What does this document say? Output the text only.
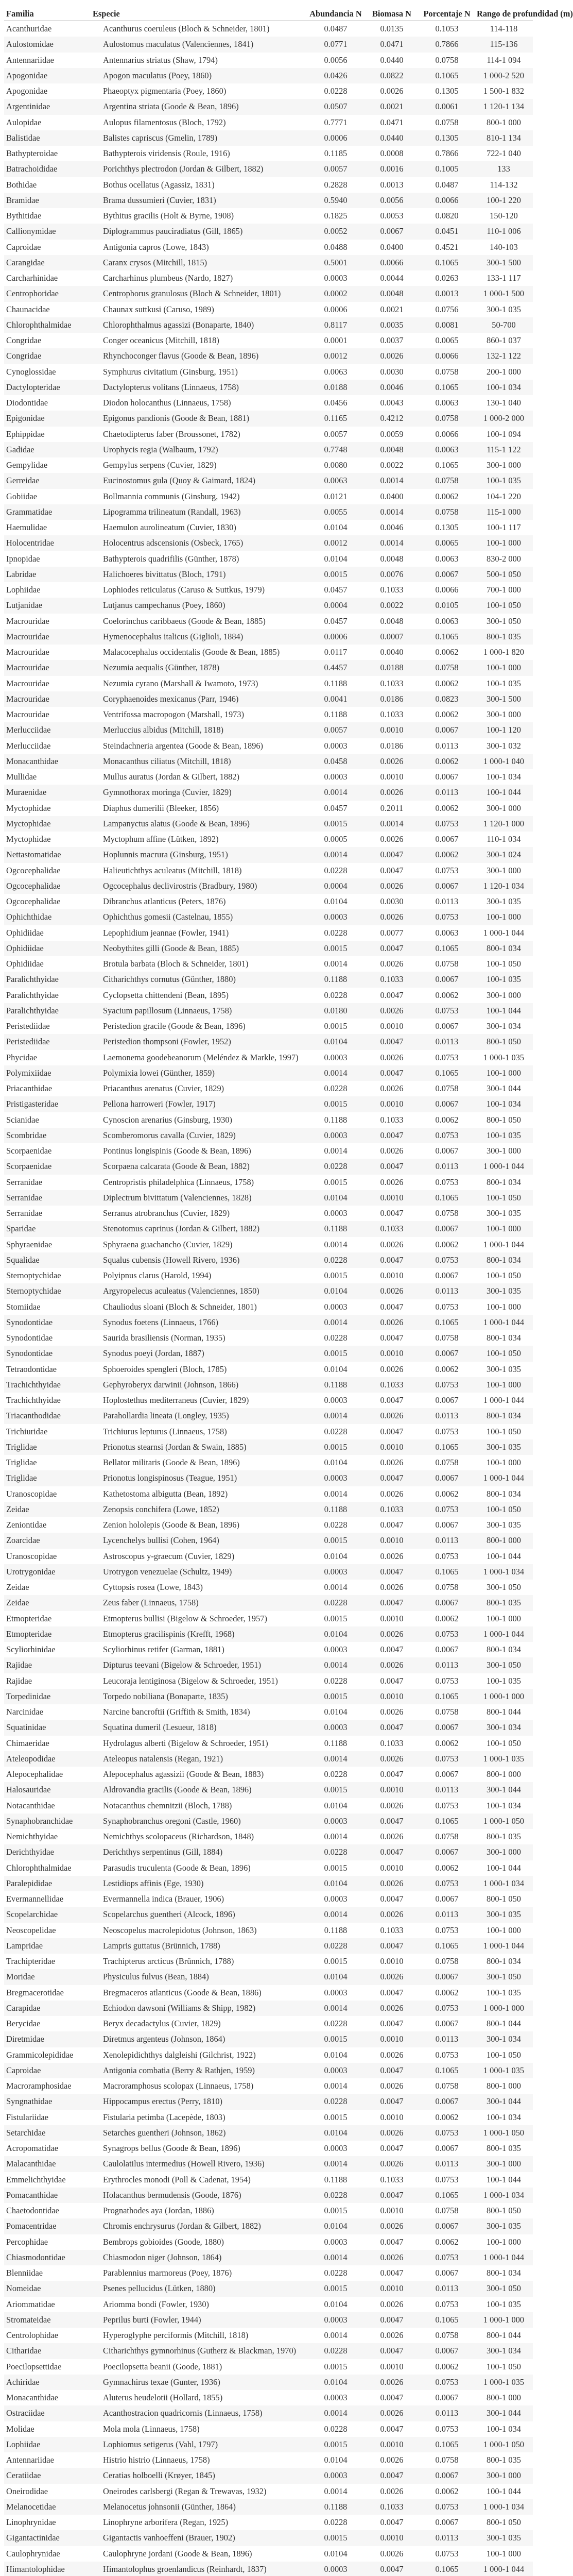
Familia	Especie	Abundancia N	Biomasa N	Porcentaje N	Rango de profundidad (m)
Acanthuridae	Acanthurus coeruleus (Bloch & Schneider, 1801)	0.0487	0.0135	0.1053	114-118
Aulostomidae	Aulostomus maculatus (Valenciennes, 1841)	0.0771	0.0471	0.7866	115-136
Antennariidae	Antennarius striatus (Shaw, 1794)	0.0056	0.0440	0.0758	114-1 094
Apogonidae	Apogon maculatus (Poey, 1860)	0.0426	0.0822	0.1065	1 000-2 520
Apogonidae	Phaeoptyx pigmentaria (Poey, 1860)	0.0228	0.0026	0.1305	1 500-1 832
Argentinidae	Argentina striata (Goode & Bean, 1896)	0.0507	0.0021	0.0061	1 120-1 134
Aulopidae	Aulopus filamentosus (Bloch, 1792)	0.7771	0.0471	0.0758	800-1 000
Balistidae	Balistes capriscus (Gmelin, 1789)	0.0006	0.0440	0.1305	810-1 134
Bathypteroidae	Bathypterois viridensis (Roule, 1916)	0.1185	0.0008	0.7866	722-1 040
Batrachoididae	Porichthys plectrodon (Jordan & Gilbert, 1882)	0.0057	0.0016	0.1005	133
Bothidae	Bothus ocellatus (Agassiz, 1831)	0.2828	0.0013	0.0487	114-132
Bramidae	Brama dussumieri (Cuvier, 1831)	0.5940	0.0056	0.0066	100-1 220
Bythitidae	Bythitus gracilis (Holt & Byrne, 1908)	0.1825	0.0053	0.0820	150-120
Callionymidae	Diplogrammus pauciradiatus (Gill, 1865)	0.0052	0.0067	0.0451	110-1 006
Caproidae	Antigonia capros (Lowe, 1843)	0.0488	0.0400	0.4521	140-103
Carangidae	Caranx crysos (Mitchill, 1815)	0.5001	0.0066	0.1065	300-1 500
Carcharhinidae	Carcharhinus plumbeus (Nardo, 1827)	0.0003	0.0044	0.0263	133-1 117
Centrophoridae	Centrophorus granulosus (Bloch & Schneider, 1801)	0.0002	0.0048	0.0013	1 000-1 500
Chaunacidae	Chaunax suttkusi (Caruso, 1989)	0.0006	0.0021	0.0756	300-1 035
Chlorophthalmidae	Chlorophthalmus agassizi (Bonaparte, 1840)	0.8117	0.0035	0.0081	50-700
Congridae	Conger oceanicus (Mitchill, 1818)	0.0001	0.0037	0.0065	860-1 037
Congridae	Rhynchoconger flavus (Goode & Bean, 1896)	0.0012	0.0026	0.0066	132-1 122
Cynoglossidae	Symphurus civitatium (Ginsburg, 1951)	0.0063	0.0030	0.0758	200-1 000
Dactylopteridae	Dactylopterus volitans (Linnaeus, 1758)	0.0188	0.0046	0.1065	100-1 034
Diodontidae	Diodon holocanthus (Linnaeus, 1758)	0.0456	0.0043	0.0063	130-1 040
Epigonidae	Epigonus pandionis (Goode & Bean, 1881)	0.1165	0.4212	0.0758	1 000-2 000
Ephippidae	Chaetodipterus faber (Broussonet, 1782)	0.0057	0.0059	0.0066	100-1 094
Gadidae	Urophycis regia (Walbaum, 1792)	0.7748	0.0048	0.0063	115-1 122
Gempylidae	Gempylus serpens (Cuvier, 1829)	0.0080	0.0022	0.1065	300-1 000
Gerreidae	Eucinostomus gula (Quoy & Gaimard, 1824)	0.0063	0.0014	0.0758	100-1 035
Gobiidae	Bollmannia communis (Ginsburg, 1942)	0.0121	0.0400	0.0062	104-1 220
Grammatidae	Lipogramma trilineatum (Randall, 1963)	0.0055	0.0014	0.0758	115-1 000
Haemulidae	Haemulon aurolineatum (Cuvier, 1830)	0.0104	0.0046	0.1305	100-1 117
Holocentridae	Holocentrus adscensionis (Osbeck, 1765)	0.0012	0.0014	0.0065	100-1 000
Ipnopidae	Bathypterois quadrifilis (Günther, 1878)	0.0104	0.0048	0.0063	830-2 000
Labridae	Halichoeres bivittatus (Bloch, 1791)	0.0015	0.0076	0.0067	500-1 050
Lophiidae	Lophiodes reticulatus (Caruso & Suttkus, 1979)	0.0457	0.1033	0.0066	700-1 000
Lutjanidae	Lutjanus campechanus (Poey, 1860)	0.0004	0.0022	0.0105	100-1 050
Macrouridae	Coelorinchus caribbaeus (Goode & Bean, 1885)	0.0457	0.0048	0.0063	300-1 050
Macrouridae	Hymenocephalus italicus (Giglioli, 1884)	0.0006	0.0007	0.1065	800-1 035
Macrouridae	Malacocephalus occidentalis (Goode & Bean, 1885)	0.0117	0.0040	0.0062	1 000-1 820
Macrouridae	Nezumia aequalis (Günther, 1878)	0.4457	0.0188	0.0758	100-1 000
Macrouridae	Nezumia cyrano (Marshall & Iwamoto, 1973)	0.1188	0.1033	0.0062	100-1 035
Macrouridae	Coryphaenoides mexicanus (Parr, 1946)	0.0041	0.0186	0.0823	300-1 500
Macrouridae	Ventrifossa macropogon (Marshall, 1973)	0.1188	0.1033	0.0062	300-1 000
Merlucciidae	Merluccius albidus (Mitchill, 1818)	0.0057	0.0010	0.0067	100-1 120
Merlucciidae	Steindachneria argentea (Goode & Bean, 1896)	0.0003	0.0186	0.0113	300-1 032
Monacanthidae	Monacanthus ciliatus (Mitchill, 1818)	0.0458	0.0026	0.0062	1 000-1 040
Mullidae	Mullus auratus (Jordan & Gilbert, 1882)	0.0003	0.0010	0.0067	100-1 034
Muraenidae	Gymnothorax moringa (Cuvier, 1829)	0.0014	0.0026	0.0113	100-1 044
Myctophidae	Diaphus dumerilii (Bleeker, 1856)	0.0457	0.2011	0.0062	300-1 000
Myctophidae	Lampanyctus alatus (Goode & Bean, 1896)	0.0015	0.0014	0.0753	1 120-1 000
Myctophidae	Myctophum affine (Lütken, 1892)	0.0005	0.0026	0.0067	110-1 034
Nettastomatidae	Hoplunnis macrura (Ginsburg, 1951)	0.0014	0.0047	0.0062	300-1 024
Ogcocephalidae	Halieutichthys aculeatus (Mitchill, 1818)	0.0228	0.0047	0.0753	300-1 000
Ogcocephalidae	Ogcocephalus declivirostris (Bradbury, 1980)	0.0004	0.0026	0.0067	1 120-1 034
Ogcocephalidae	Dibranchus atlanticus (Peters, 1876)	0.0104	0.0030	0.0113	300-1 035
Ophichthidae	Ophichthus gomesii (Castelnau, 1855)	0.0003	0.0026	0.0753	100-1 000
Ophidiidae	Lepophidium jeannae (Fowler, 1941)	0.0228	0.0077	0.0063	1 000-1 044
Ophidiidae	Neobythites gilli (Goode & Bean, 1885)	0.0015	0.0047	0.1065	800-1 034
Ophidiidae	Brotula barbata (Bloch & Schneider, 1801)	0.0014	0.0026	0.0758	100-1 050
Paralichthyidae	Citharichthys cornutus (Günther, 1880)	0.1188	0.1033	0.0067	100-1 035
Paralichthyidae	Cyclopsetta chittendeni (Bean, 1895)	0.0228	0.0047	0.0062	300-1 000
Paralichthyidae	Syacium papillosum (Linnaeus, 1758)	0.0180	0.0026	0.0753	100-1 044
Peristediidae	Peristedion gracile (Goode & Bean, 1896)	0.0015	0.0010	0.0067	300-1 034
Peristediidae	Peristedion thompsoni (Fowler, 1952)	0.0104	0.0047	0.0113	800-1 050
Phycidae	Laemonema goodebeanorum (Meléndez & Markle, 1997)	0.0003	0.0026	0.0753	1 000-1 035
Polymixiidae	Polymixia lowei (Günther, 1859)	0.0014	0.0047	0.1065	100-1 000
Priacanthidae	Priacanthus arenatus (Cuvier, 1829)	0.0228	0.0026	0.0758	300-1 044
Pristigasteridae	Pellona harroweri (Fowler, 1917)	0.0015	0.0010	0.0067	100-1 034
Scianidae	Cynoscion arenarius (Ginsburg, 1930)	0.1188	0.1033	0.0062	800-1 050
Scombridae	Scomberomorus cavalla (Cuvier, 1829)	0.0003	0.0047	0.0753	100-1 035
Scorpaenidae	Pontinus longispinis (Goode & Bean, 1896)	0.0014	0.0026	0.0067	300-1 000
Scorpaenidae	Scorpaena calcarata (Goode & Bean, 1882)	0.0228	0.0047	0.0113	1 000-1 044
Serranidae	Centropristis philadelphica (Linnaeus, 1758)	0.0015	0.0026	0.0753	800-1 034
Serranidae	Diplectrum bivittatum (Valenciennes, 1828)	0.0104	0.0010	0.1065	100-1 050
Serranidae	Serranus atrobranchus (Cuvier, 1829)	0.0003	0.0047	0.0758	300-1 035
Sparidae	Stenotomus caprinus (Jordan & Gilbert, 1882)	0.1188	0.1033	0.0067	100-1 000
Sphyraenidae	Sphyraena guachancho (Cuvier, 1829)	0.0014	0.0026	0.0062	1 000-1 044
Squalidae	Squalus cubensis (Howell Rivero, 1936)	0.0228	0.0047	0.0753	800-1 034
Sternoptychidae	Polyipnus clarus (Harold, 1994)	0.0015	0.0010	0.0067	100-1 050
Sternoptychidae	Argyropelecus aculeatus (Valenciennes, 1850)	0.0104	0.0026	0.0113	300-1 035
Stomiidae	Chauliodus sloani (Bloch & Schneider, 1801)	0.0003	0.0047	0.0753	100-1 000
Synodontidae	Synodus foetens (Linnaeus, 1766)	0.0014	0.0026	0.1065	1 000-1 044
Synodontidae	Saurida brasiliensis (Norman, 1935)	0.0228	0.0047	0.0758	800-1 034
Synodontidae	Synodus poeyi (Jordan, 1887)	0.0015	0.0010	0.0067	100-1 050
Tetraodontidae	Sphoeroides spengleri (Bloch, 1785)	0.0104	0.0026	0.0062	300-1 035
Trachichthyidae	Gephyroberyx darwinii (Johnson, 1866)	0.1188	0.1033	0.0753	100-1 000
Trachichthyidae	Hoplostethus mediterraneus (Cuvier, 1829)	0.0003	0.0047	0.0067	1 000-1 044
Triacanthodidae	Parahollardia lineata (Longley, 1935)	0.0014	0.0026	0.0113	800-1 034
Trichiuridae	Trichiurus lepturus (Linnaeus, 1758)	0.0228	0.0047	0.0753	100-1 050
Triglidae	Prionotus stearnsi (Jordan & Swain, 1885)	0.0015	0.0010	0.1065	300-1 035
Triglidae	Bellator militaris (Goode & Bean, 1896)	0.0104	0.0026	0.0758	100-1 000
Triglidae	Prionotus longispinosus (Teague, 1951)	0.0003	0.0047	0.0067	1 000-1 044
Uranoscopidae	Kathetostoma albigutta (Bean, 1892)	0.0014	0.0026	0.0062	800-1 034
Zeidae	Zenopsis conchifera (Lowe, 1852)	0.1188	0.1033	0.0753	100-1 050
Zeniontidae	Zenion hololepis (Goode & Bean, 1896)	0.0228	0.0047	0.0067	300-1 035
Zoarcidae	Lycenchelys bullisi (Cohen, 1964)	0.0015	0.0010	0.0113	800-1 000
Uranoscopidae	Astroscopus y-graecum (Cuvier, 1829)	0.0104	0.0026	0.0753	100-1 044
Urotrygonidae	Urotrygon venezuelae (Schultz, 1949)	0.0003	0.0047	0.1065	1 000-1 034
Zeidae	Cyttopsis rosea (Lowe, 1843)	0.0014	0.0026	0.0758	300-1 050
Zeidae	Zeus faber (Linnaeus, 1758)	0.0228	0.0047	0.0067	800-1 035
Etmopteridae	Etmopterus bullisi (Bigelow & Schroeder, 1957)	0.0015	0.0010	0.0062	100-1 000
Etmopteridae	Etmopterus gracilispinis (Krefft, 1968)	0.0104	0.0026	0.0753	1 000-1 044
Scyliorhinidae	Scyliorhinus retifer (Garman, 1881)	0.0003	0.0047	0.0067	800-1 034
Rajidae	Dipturus teevani (Bigelow & Schroeder, 1951)	0.0014	0.0026	0.0113	300-1 050
Rajidae	Leucoraja lentiginosa (Bigelow & Schroeder, 1951)	0.0228	0.0047	0.0753	100-1 035
Torpedinidae	Torpedo nobiliana (Bonaparte, 1835)	0.0015	0.0010	0.1065	1 000-1 000
Narcinidae	Narcine bancroftii (Griffith & Smith, 1834)	0.0104	0.0026	0.0758	800-1 044
Squatinidae	Squatina dumeril (Lesueur, 1818)	0.0003	0.0047	0.0067	300-1 034
Chimaeridae	Hydrolagus alberti (Bigelow & Schroeder, 1951)	0.1188	0.1033	0.0062	100-1 050
Ateleopodidae	Ateleopus natalensis (Regan, 1921)	0.0014	0.0026	0.0753	1 000-1 035
Alepocephalidae	Alepocephalus agassizii (Goode & Bean, 1883)	0.0228	0.0047	0.0067	800-1 000
Halosauridae	Aldrovandia gracilis (Goode & Bean, 1896)	0.0015	0.0010	0.0113	300-1 044
Notacanthidae	Notacanthus chemnitzii (Bloch, 1788)	0.0104	0.0026	0.0753	100-1 034
Synaphobranchidae	Synaphobranchus oregoni (Castle, 1960)	0.0003	0.0047	0.1065	1 000-1 050
Nemichthyidae	Nemichthys scolopaceus (Richardson, 1848)	0.0014	0.0026	0.0758	800-1 035
Derichthyidae	Derichthys serpentinus (Gill, 1884)	0.0228	0.0047	0.0067	300-1 000
Chlorophthalmidae	Parasudis truculenta (Goode & Bean, 1896)	0.0015	0.0010	0.0062	100-1 044
Paralepididae	Lestidiops affinis (Ege, 1930)	0.0104	0.0026	0.0753	1 000-1 034
Evermannellidae	Evermannella indica (Brauer, 1906)	0.0003	0.0047	0.0067	800-1 050
Scopelarchidae	Scopelarchus guentheri (Alcock, 1896)	0.0014	0.0026	0.0113	300-1 035
Neoscopelidae	Neoscopelus macrolepidotus (Johnson, 1863)	0.1188	0.1033	0.0753	100-1 000
Lampridae	Lampris guttatus (Brünnich, 1788)	0.0228	0.0047	0.1065	1 000-1 044
Trachipteridae	Trachipterus arcticus (Brünnich, 1788)	0.0015	0.0010	0.0758	800-1 034
Moridae	Physiculus fulvus (Bean, 1884)	0.0104	0.0026	0.0067	300-1 050
Bregmacerotidae	Bregmaceros atlanticus (Goode & Bean, 1886)	0.0003	0.0047	0.0062	100-1 035
Carapidae	Echiodon dawsoni (Williams & Shipp, 1982)	0.0014	0.0026	0.0753	1 000-1 000
Berycidae	Beryx decadactylus (Cuvier, 1829)	0.0228	0.0047	0.0067	800-1 044
Diretmidae	Diretmus argenteus (Johnson, 1864)	0.0015	0.0010	0.0113	300-1 034
Grammicolepididae	Xenolepidichthys dalgleishi (Gilchrist, 1922)	0.0104	0.0026	0.0753	100-1 050
Caproidae	Antigonia combatia (Berry & Rathjen, 1959)	0.0003	0.0047	0.1065	1 000-1 035
Macroramphosidae	Macroramphosus scolopax (Linnaeus, 1758)	0.0014	0.0026	0.0758	800-1 000
Syngnathidae	Hippocampus erectus (Perry, 1810)	0.0228	0.0047	0.0067	300-1 044
Fistulariidae	Fistularia petimba (Lacepède, 1803)	0.0015	0.0010	0.0062	100-1 034
Setarchidae	Setarches guentheri (Johnson, 1862)	0.0104	0.0026	0.0753	1 000-1 050
Acropomatidae	Synagrops bellus (Goode & Bean, 1896)	0.0003	0.0047	0.0067	800-1 035
Malacanthidae	Caulolatilus intermedius (Howell Rivero, 1936)	0.0014	0.0026	0.0113	300-1 000
Emmelichthyidae	Erythrocles monodi (Poll & Cadenat, 1954)	0.1188	0.1033	0.0753	100-1 044
Pomacanthidae	Holacanthus bermudensis (Goode, 1876)	0.0228	0.0047	0.1065	1 000-1 034
Chaetodontidae	Prognathodes aya (Jordan, 1886)	0.0015	0.0010	0.0758	800-1 050
Pomacentridae	Chromis enchrysurus (Jordan & Gilbert, 1882)	0.0104	0.0026	0.0067	300-1 035
Percophidae	Bembrops gobioides (Goode, 1880)	0.0003	0.0047	0.0062	100-1 000
Chiasmodontidae	Chiasmodon niger (Johnson, 1864)	0.0014	0.0026	0.0753	1 000-1 044
Blenniidae	Parablennius marmoreus (Poey, 1876)	0.0228	0.0047	0.0067	800-1 034
Nomeidae	Psenes pellucidus (Lütken, 1880)	0.0015	0.0010	0.0113	300-1 050
Ariommatidae	Ariomma bondi (Fowler, 1930)	0.0104	0.0026	0.0753	100-1 035
Stromateidae	Peprilus burti (Fowler, 1944)	0.0003	0.0047	0.1065	1 000-1 000
Centrolophidae	Hyperoglyphe perciformis (Mitchill, 1818)	0.0014	0.0026	0.0758	800-1 044
Citharidae	Citharichthys gymnorhinus (Gutherz & Blackman, 1970)	0.0228	0.0047	0.0067	300-1 034
Poecilopsettidae	Poecilopsetta beanii (Goode, 1881)	0.0015	0.0010	0.0062	100-1 050
Achiridae	Gymnachirus texae (Gunter, 1936)	0.0104	0.0026	0.0753	1 000-1 035
Monacanthidae	Aluterus heudelotii (Hollard, 1855)	0.0003	0.0047	0.0067	800-1 000
Ostraciidae	Acanthostracion quadricornis (Linnaeus, 1758)	0.0014	0.0026	0.0113	300-1 044
Molidae	Mola mola (Linnaeus, 1758)	0.0228	0.0047	0.0753	100-1 034
Lophiidae	Lophiomus setigerus (Vahl, 1797)	0.0015	0.0010	0.1065	1 000-1 050
Antennariidae	Histrio histrio (Linnaeus, 1758)	0.0104	0.0026	0.0758	800-1 035
Ceratiidae	Ceratias holboelli (Krøyer, 1845)	0.0003	0.0047	0.0067	300-1 000
Oneirodidae	Oneirodes carlsbergi (Regan & Trewavas, 1932)	0.0014	0.0026	0.0062	100-1 044
Melanocetidae	Melanocetus johnsonii (Günther, 1864)	0.1188	0.1033	0.0753	1 000-1 034
Linophrynidae	Linophryne arborifera (Regan, 1925)	0.0228	0.0047	0.0067	800-1 050
Gigantactinidae	Gigantactis vanhoeffeni (Brauer, 1902)	0.0015	0.0010	0.0113	300-1 035
Caulophrynidae	Caulophryne jordani (Goode & Bean, 1896)	0.0104	0.0026	0.0753	100-1 000
Himantolophidae	Himantolophus groenlandicus (Reinhardt, 1837)	0.0003	0.0047	0.1065	1 000-1 044
